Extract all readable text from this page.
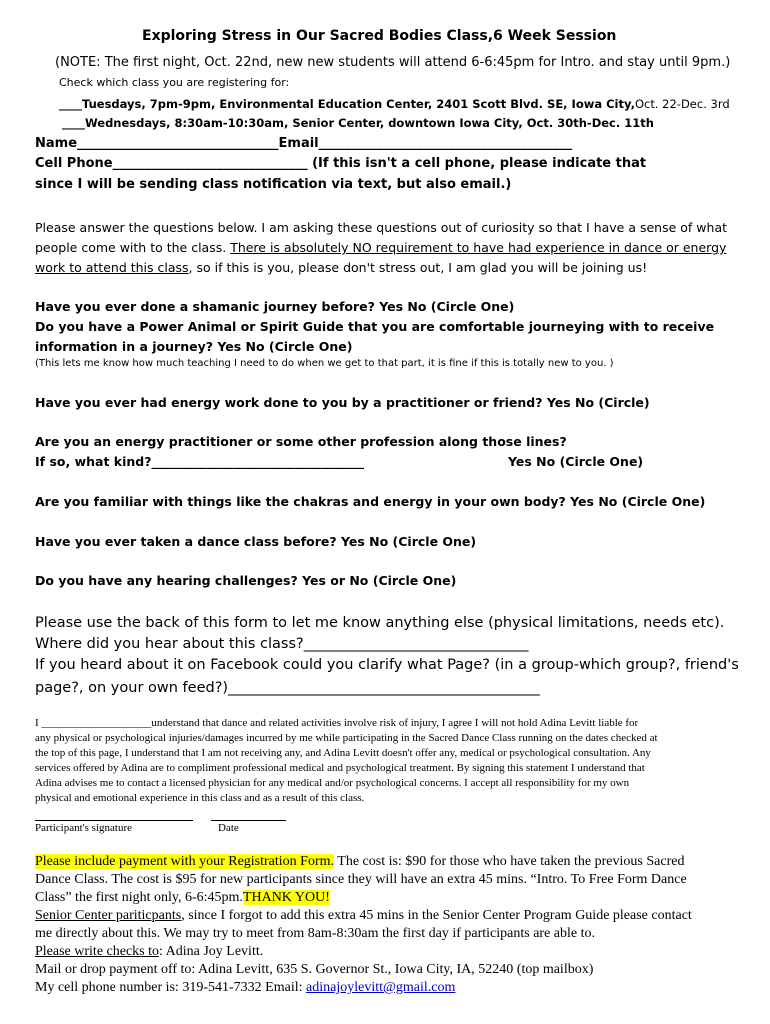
Exploring Stress in Our Sacred Bodies Class,6 Week Session
(NOTE: The first night, Oct. 22nd, new new students will attend 6-6:45pm for Intro. and stay until 9pm.)
Check which class you are registering for:
____Tuesdays, 7pm-9pm, Environmental Education Center, 2401 Scott Blvd. SE, Iowa City,Oct. 22-Dec. 3rd
____Wednesdays, 8:30am-10:30am, Senior Center, downtown Iowa City, Oct. 30th-Dec. 11th
Name_______________________________Email_______________________________________
Cell Phone______________________________ (If this isn't a cell phone, please indicate that
since I will be sending class notification via text, but also email.)
Please answer the questions below. I am asking these questions out of curiosity so that I have a sense of what
people come with to the class. There is absolutely NO requirement to have had experience in dance or energy
work to attend this class, so if this is you, please don't stress out, I am glad you will be joining us!
Have you ever done a shamanic journey before? Yes No (Circle One)
Do you have a Power Animal or Spirit Guide that you are comfortable journeying with to receive
information in a journey? Yes No (Circle One)
(This lets me know how much teaching I need to do when we get to that part, it is fine if this is totally new to you. )
Have you ever had energy work done to you by a practitioner or friend? Yes No (Circle)
Are you an energy practitioner or some other profession along those lines?
If so, what kind?__________________________________	Yes No (Circle One)
Are you familiar with things like the chakras and energy in your own body? Yes No (Circle One)
Have you ever taken a dance class before? Yes No (Circle One)
Do you have any hearing challenges? Yes or No (Circle One)
Please use the back of this form to let me know anything else (physical limitations, needs etc).
Where did you hear about this class?_______________________________
If you heard about it on Facebook could you clarify what Page? (in a group-which group?, friend's
page?, on your own feed?)___________________________________________
I ____________________understand that dance and related activities involve risk of injury, I agree I will not hold Adina Levitt liable for
any physical or psychological injuries/damages incurred by me while participating in the Sacred Dance Class running on the dates checked at
the top of this page, I understand that I am not receiving any, and Adina Levitt doesn't offer any, medical or psychological consultation. Any
services offered by Adina are to compliment professional medical and psychological treatment. By signing this statement I understand that
Adina advises me to contact a licensed physician for any medical and/or psychological concerns. I accept all responsibility for my own
physical and emotional experience in this class and as a result of this class.
Participant's signature	Date
Please include payment with your Registration Form. The cost is: $90 for those who have taken the previous Sacred
Dance Class. The cost is $95 for new participants since they will have an extra 45 mins. “Intro. To Free Form Dance
Class” the first night only, 6-6:45pm.THANK YOU!
Senior Center pariticpants, since I forgot to add this extra 45 mins in the Senior Center Program Guide please contact
me directly about this. We may try to meet from 8am-8:30am the first day if participants are able to.
Please write checks to: Adina Joy Levitt.
Mail or drop payment off to: Adina Levitt, 635 S. Governor St., Iowa City, IA, 52240 (top mailbox)
My cell phone number is: 319-541-7332 Email: adinajoylevitt@gmail.com
